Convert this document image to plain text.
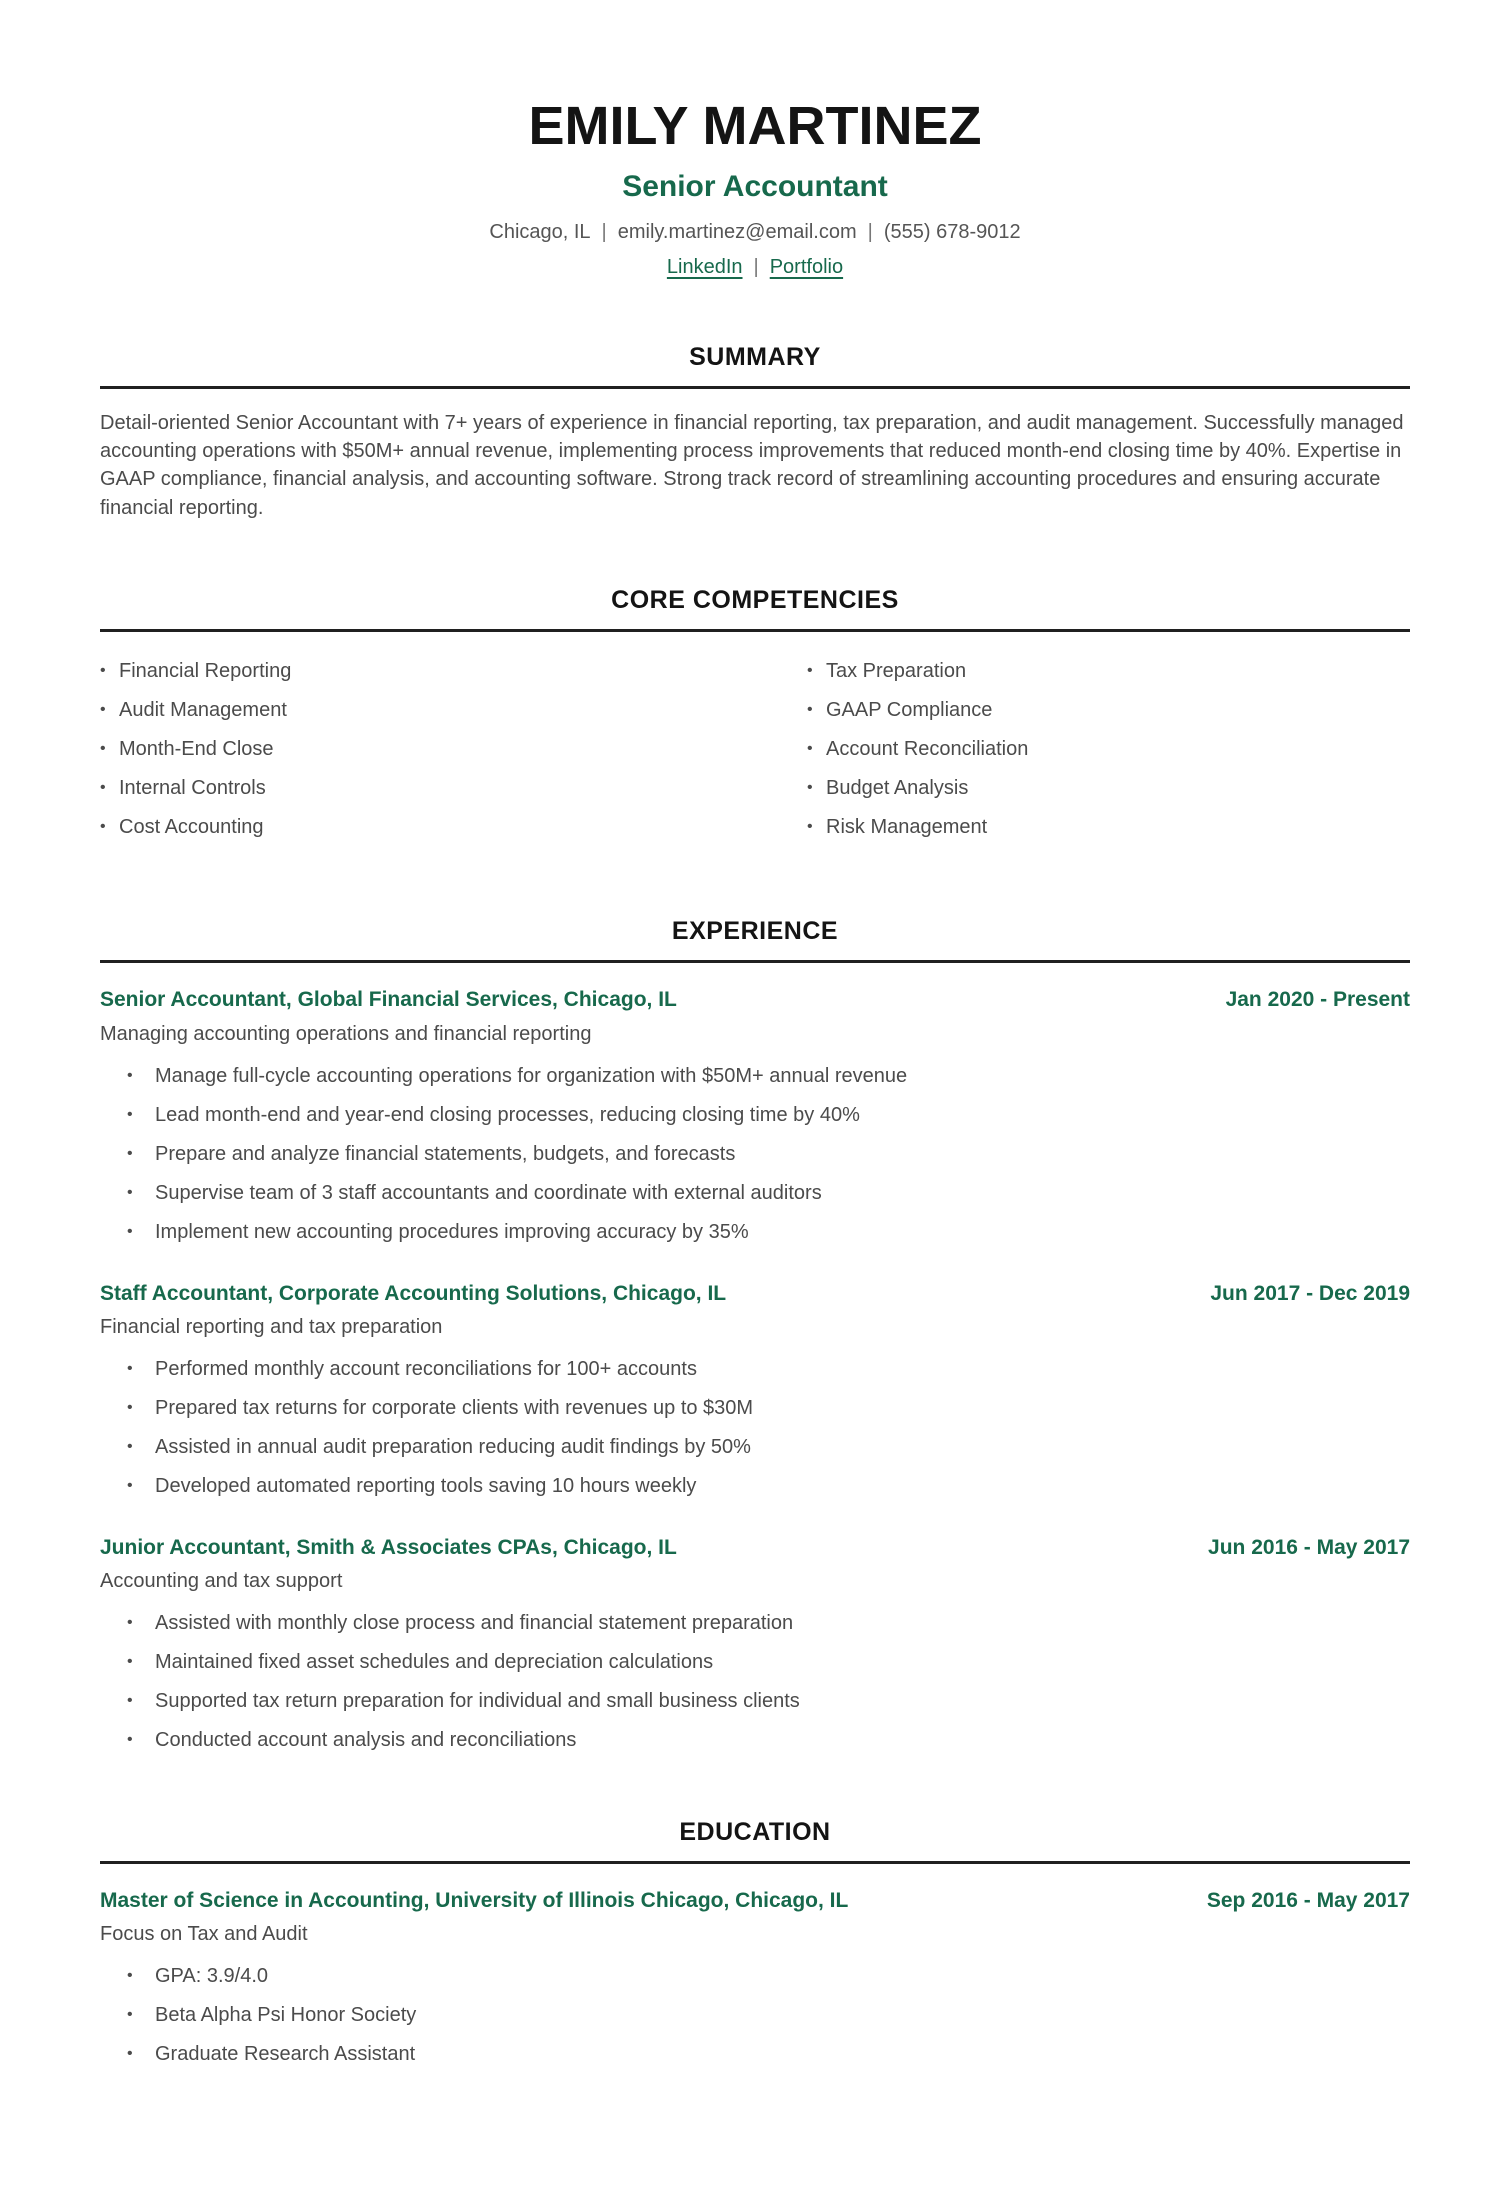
EMILY MARTINEZ
Senior Accountant
Chicago, IL | emily.martinez@email.com | (555) 678-9012
LinkedIn | Portfolio
SUMMARY

Detail-oriented Senior Accountant with 7+ years of experience in financial reporting, tax preparation, and audit management. Successfully managed accounting operations with $50M+ annual revenue, implementing process improvements that reduced month-end closing time by 40%. Expertise in GAAP compliance, financial analysis, and accounting software. Strong track record of streamlining accounting procedures and ensuring accurate financial reporting.

CORE COMPETENCIES
• Financial Reporting
• Audit Management
• Month-End Close
• Internal Controls
• Cost Accounting
• Tax Preparation
• GAAP Compliance
• Account Reconciliation
• Budget Analysis
• Risk Management
EXPERIENCE
Senior Accountant, Global Financial Services, Chicago, IL	Jan 2020 - Present

Managing accounting operations and financial reporting

• Manage full-cycle accounting operations for organization with $50M+ annual revenue
• Lead month-end and year-end closing processes, reducing closing time by 40%
• Prepare and analyze financial statements, budgets, and forecasts
• Supervise team of 3 staff accountants and coordinate with external auditors
• Implement new accounting procedures improving accuracy by 35%
Staff Accountant, Corporate Accounting Solutions, Chicago, IL	Jun 2017 - Dec 2019

Financial reporting and tax preparation

• Performed monthly account reconciliations for 100+ accounts
• Prepared tax returns for corporate clients with revenues up to $30M
• Assisted in annual audit preparation reducing audit findings by 50%
• Developed automated reporting tools saving 10 hours weekly
Junior Accountant, Smith & Associates CPAs, Chicago, IL	Jun 2016 - May 2017

Accounting and tax support

• Assisted with monthly close process and financial statement preparation
• Maintained fixed asset schedules and depreciation calculations
• Supported tax return preparation for individual and small business clients
• Conducted account analysis and reconciliations
EDUCATION
Master of Science in Accounting, University of Illinois Chicago, Chicago, IL	Sep 2016 - May 2017

Focus on Tax and Audit

• GPA: 3.9/4.0
• Beta Alpha Psi Honor Society
• Graduate Research Assistant
